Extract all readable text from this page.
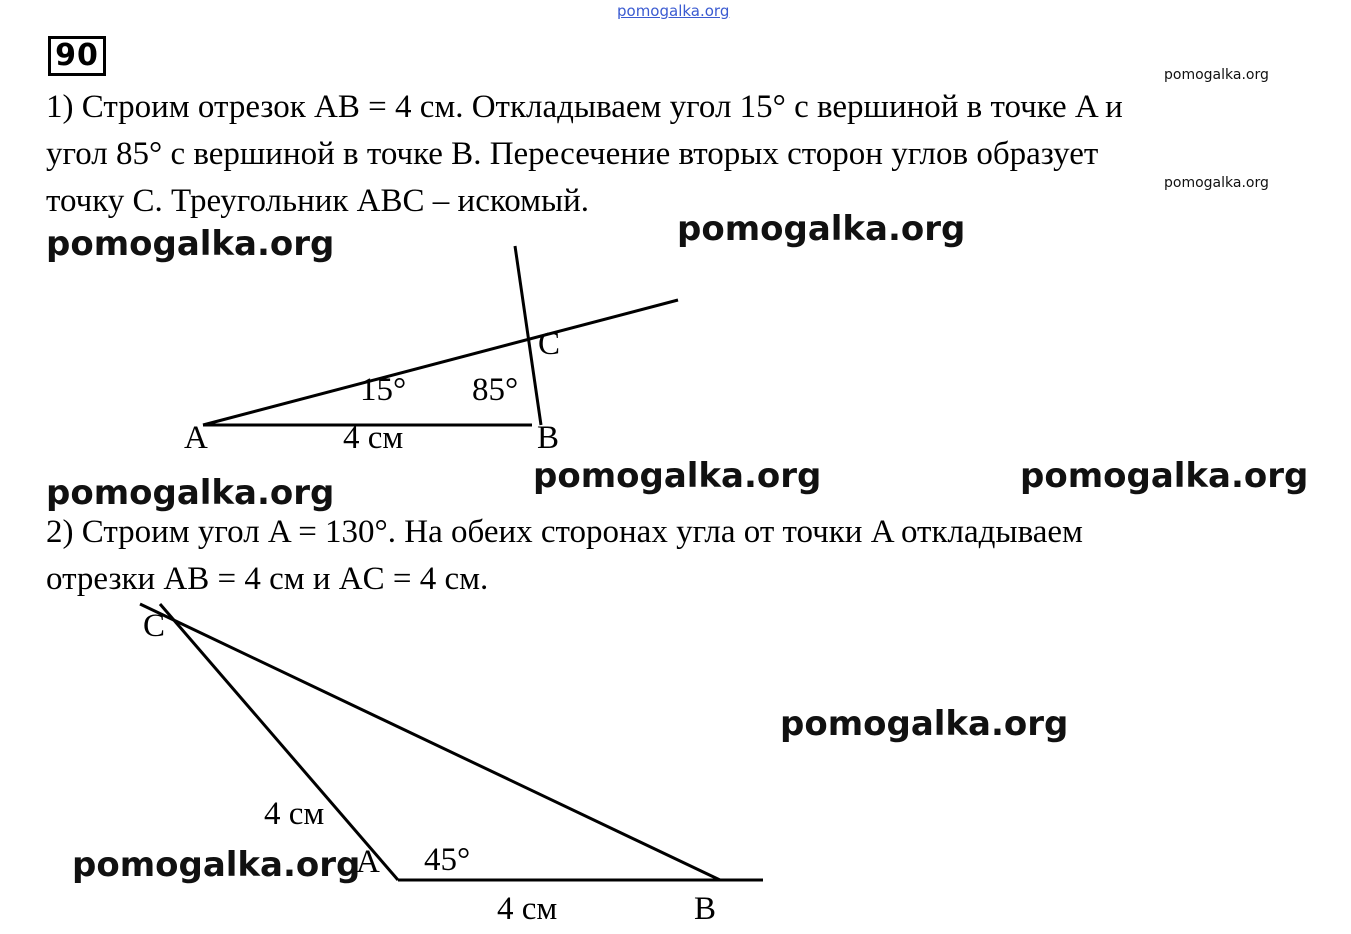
pomogalka.org
90
pomogalka.org
pomogalka.org
1) Строим отрезок AB = 4 см. Откладываем угол 15° с вершиной в точке A и
угол 85° с вершиной в точке B. Пересечение вторых сторон углов образует
точку C. Треугольник ABC – искомый.
15° 85°
C
A	4 см	B
pomogalka.org	pomogalka.org
pomogalka.org	pomogalka.org	pomogalka.org
pomogalka.org
2) Строим угол A = 130°. На обеих сторонах угла от точки A откладываем
отрезки AB = 4 см и AC = 4 см.
C
4 см
A 45°
4 см	B
pomogalka.org
